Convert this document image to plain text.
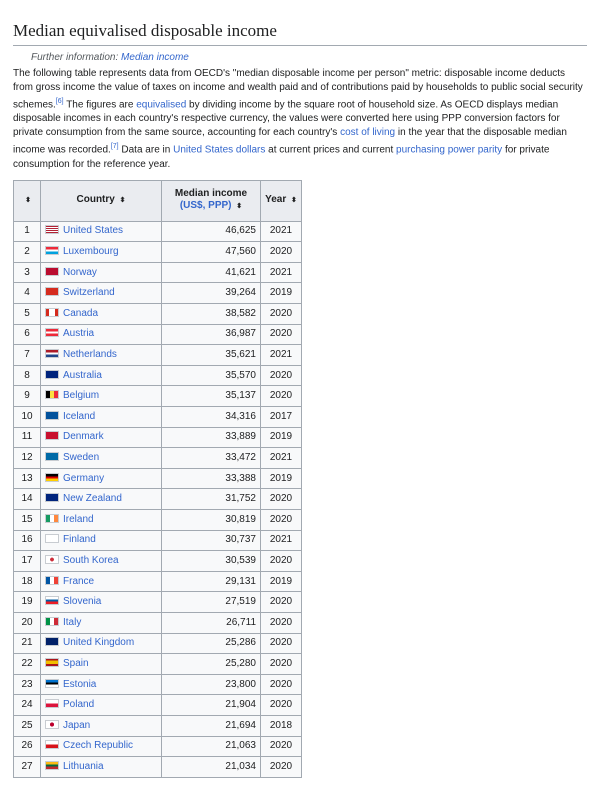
Median equivalised disposable income
Further information: Median income

The following table represents data from OECD's "median disposable income per person" metric: disposable income deducts from gross income the value of taxes on income and wealth paid and of contributions paid by households to public social security schemes.[6] The figures are equivalised by dividing income by the square root of household size. As OECD displays median disposable incomes in each country's respective currency, the values were converted here using PPP conversion factors for private consumption from the same source, accounting for each country's cost of living in the year that the disposable median income was recorded.[7] Data are in United States dollars at current prices and current purchasing power parity for private consumption for the reference year.

⬍	Country ⬍	Median income
(US$, PPP) ⬍	Year ⬍
1	United States	46,625	2021
2	Luxembourg	47,560	2020
3	Norway	41,621	2021
4	Switzerland	39,264	2019
5	Canada	38,582	2020
6	Austria	36,987	2020
7	Netherlands	35,621	2021
8	Australia	35,570	2020
9	Belgium	35,137	2020
10	Iceland	34,316	2017
11	Denmark	33,889	2019
12	Sweden	33,472	2021
13	Germany	33,388	2019
14	New Zealand	31,752	2020
15	Ireland	30,819	2020
16	Finland	30,737	2021
17	South Korea	30,539	2020
18	France	29,131	2019
19	Slovenia	27,519	2020
20	Italy	26,711	2020
21	United Kingdom	25,286	2020
22	Spain	25,280	2020
23	Estonia	23,800	2020
24	Poland	21,904	2020
25	Japan	21,694	2018
26	Czech Republic	21,063	2020
27	Lithuania	21,034	2020
